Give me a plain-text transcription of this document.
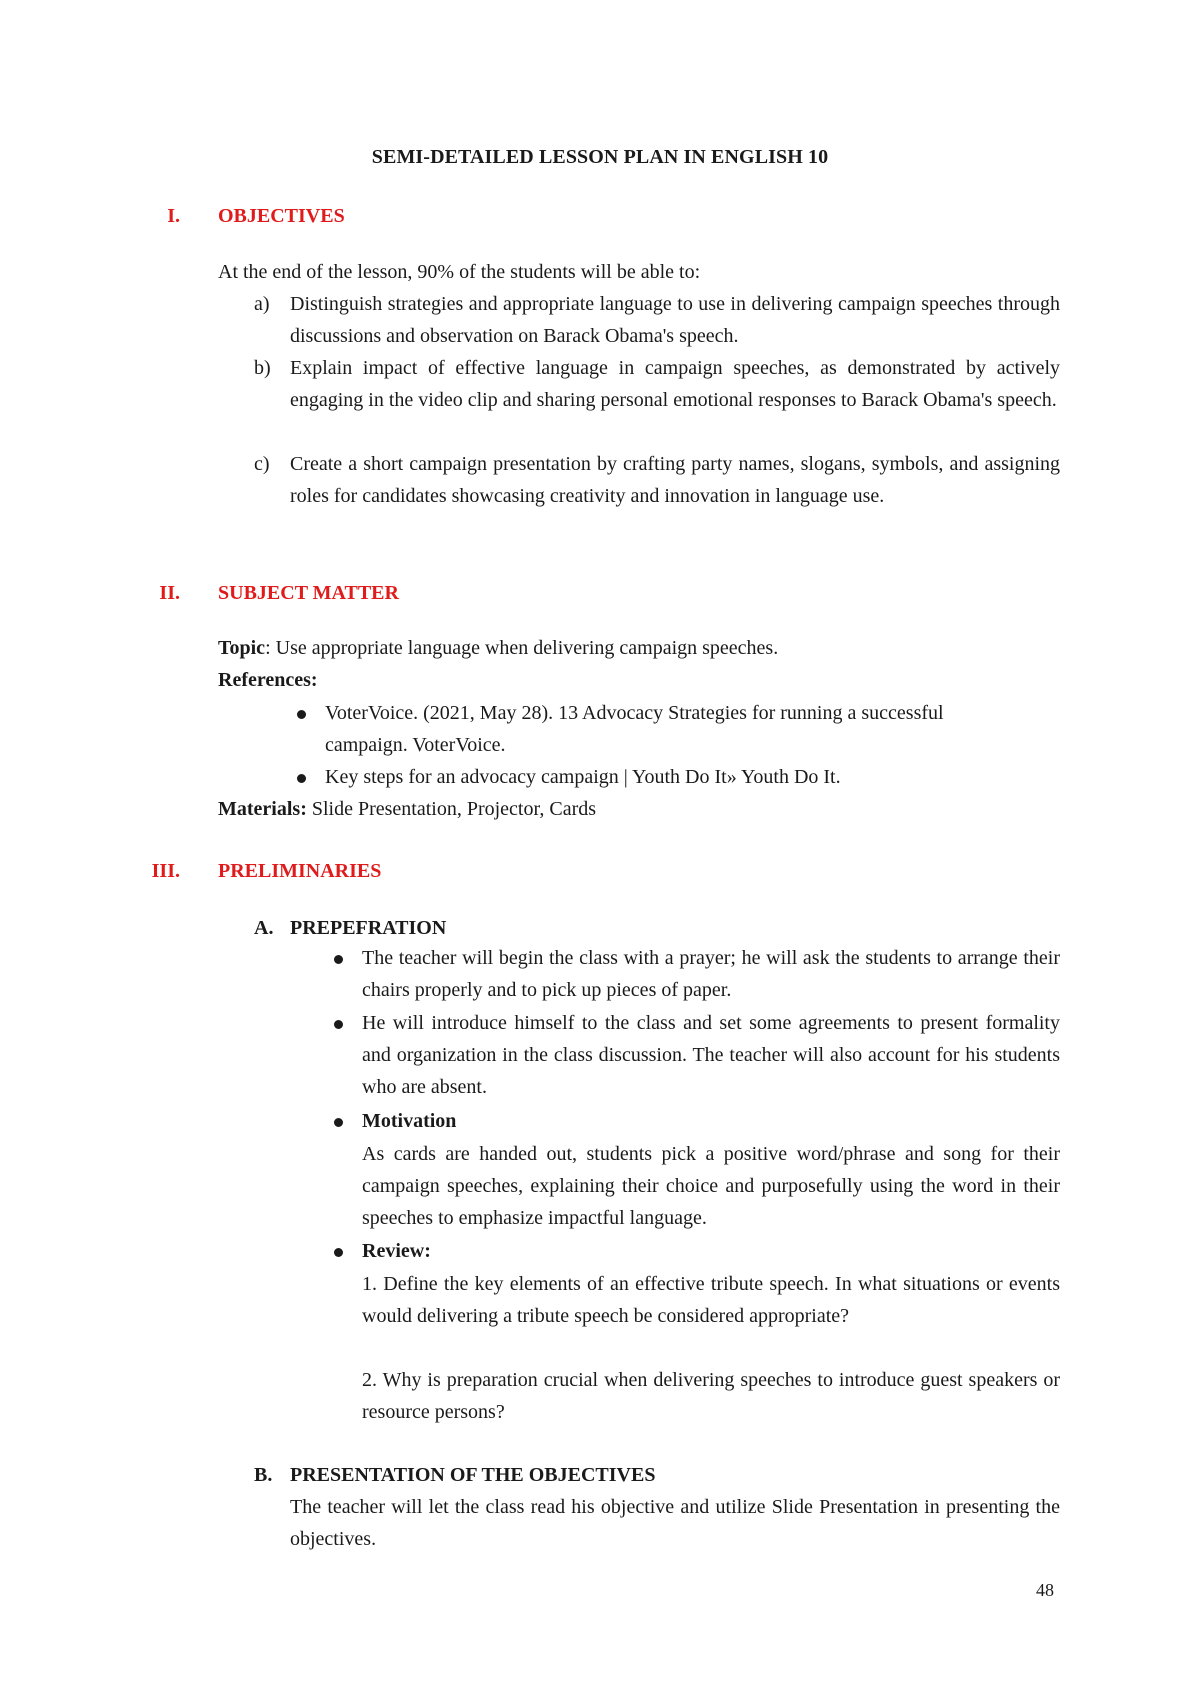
SEMI-DETAILED LESSON PLAN IN ENGLISH 10
I. OBJECTIVES
At the end of the lesson, 90% of the students will be able to:
a) Distinguish strategies and appropriate language to use in delivering campaign speeches through discussions and observation on Barack Obama's speech.
b) Explain impact of effective language in campaign speeches, as demonstrated by actively engaging in the video clip and sharing personal emotional responses to Barack Obama's speech.
c) Create a short campaign presentation by crafting party names, slogans, symbols, and assigning roles for candidates showcasing creativity and innovation in language use.
II. SUBJECT MATTER
Topic: Use appropriate language when delivering campaign speeches.
References:
VoterVoice. (2021, May 28). 13 Advocacy Strategies for running a successful campaign. VoterVoice.
Key steps for an advocacy campaign | Youth Do It» Youth Do It.
Materials: Slide Presentation, Projector, Cards
III. PRELIMINARIES
A. PREPEFRATION
The teacher will begin the class with a prayer; he will ask the students to arrange their chairs properly and to pick up pieces of paper.
He will introduce himself to the class and set some agreements to present formality and organization in the class discussion. The teacher will also account for his students who are absent.
Motivation
As cards are handed out, students pick a positive word/phrase and song for their campaign speeches, explaining their choice and purposefully using the word in their speeches to emphasize impactful language.
Review:
1. Define the key elements of an effective tribute speech. In what situations or events would delivering a tribute speech be considered appropriate?
2. Why is preparation crucial when delivering speeches to introduce guest speakers or resource persons?
B. PRESENTATION OF THE OBJECTIVES
The teacher will let the class read his objective and utilize Slide Presentation in presenting the objectives.
48
